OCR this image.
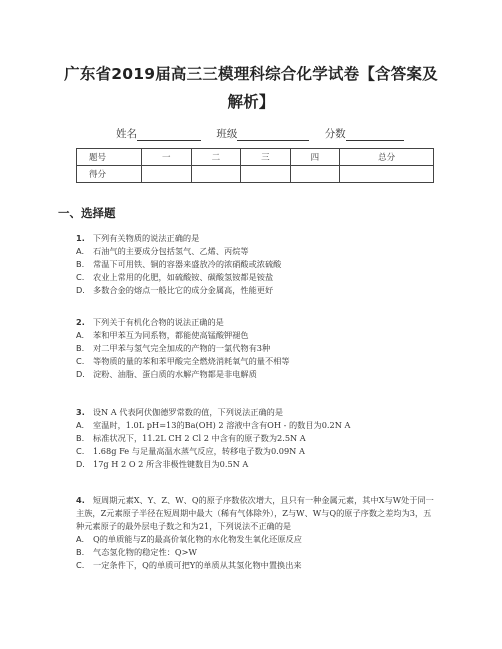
广东省2019届高三三模理科综合化学试卷【含答案及
解析】
姓名	班级	分数
题号	一	二	三	四	总分
得分					
一、选择题
1. 下列有关物质的说法正确的是
A. 石油气的主要成分包括氢气、乙烯、丙烷等
B. 常温下可用铁、铜的容器来盛放冷的浓硝酸或浓硫酸
C. 农业上常用的化肥，如硫酸铵、碳酸氢铵都是铵盐
D. 多数合金的熔点一般比它的成分金属高，性能更好
2. 下列关于有机化合物的说法正确的是
A. 苯和甲苯互为同系物，都能使高锰酸钾褪色
B. 对二甲苯与氢气完全加成的产物的一氯代物有3种
C. 等物质的量的苯和苯甲酸完全燃烧消耗氧气的量不相等
D. 淀粉、油脂、蛋白质的水解产物都是非电解质
3. 设N A 代表阿伏伽德罗常数的值，下列说法正确的是
A. 室温时，1.0L pH=13的Ba(OH) 2 溶液中含有OH - 的数目为0.2N A
B. 标准状况下，11.2L CH 2 Cl 2 中含有的原子数为2.5N A
C. 1.68g Fe 与足量高温水蒸气反应，转移电子数为0.09N A
D. 17g H 2 O 2 所含非极性键数目为0.5N A
4. 短周期元素X、Y、Z、W、Q的原子序数依次增大，且只有一种金属元素，其中X与W处于同一主族，Z元素原子半径在短周期中最大（稀有气体除外），Z与W、W与Q的原子序数之差均为3，五种元素原子的最外层电子数之和为21，下列说法不正确的是
A. Q的单质能与Z的最高价氧化物的水化物发生氧化还原反应
B. 气态氢化物的稳定性：Q>W
C. 一定条件下，Q的单质可把Y的单质从其氢化物中置换出来
